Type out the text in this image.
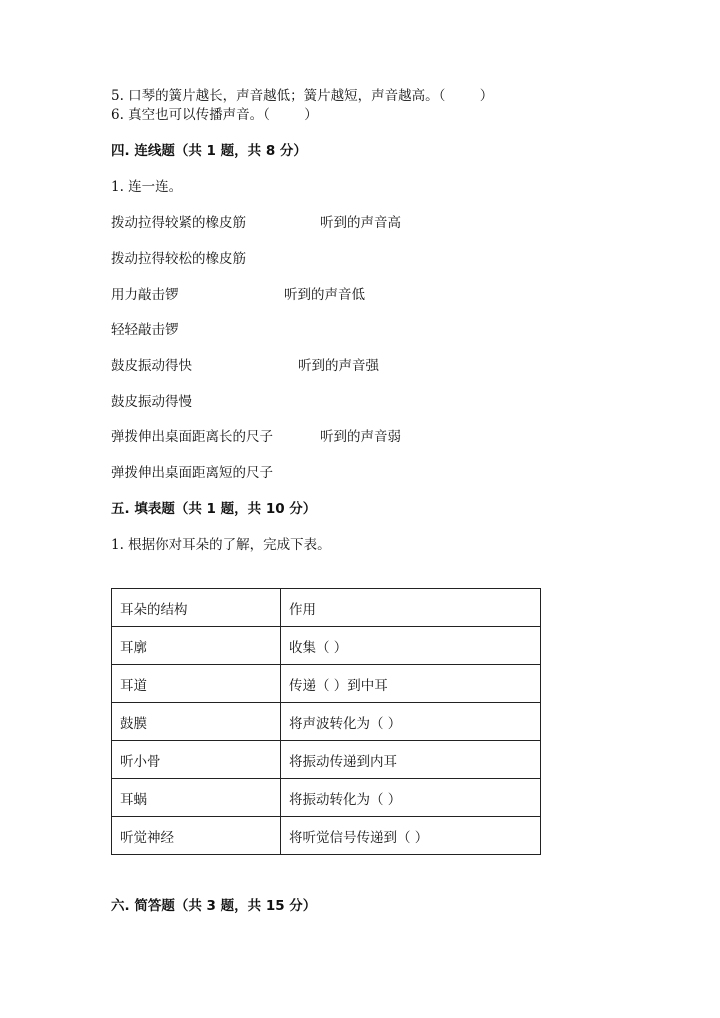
5. 口琴的簧片越长，声音越低；簧片越短，声音越高。（        ）
6. 真空也可以传播声音。（        ）
四. 连线题（共 1 题，共 8 分）
1. 连一连。
拨动拉得较紧的橡皮筋	听到的声音高
拨动拉得较松的橡皮筋
用力敲击锣	听到的声音低
轻轻敲击锣
鼓皮振动得快	听到的声音强
鼓皮振动得慢
弹拨伸出桌面距离长的尺子	听到的声音弱
弹拨伸出桌面距离短的尺子
五. 填表题（共 1 题，共 10 分）
1. 根据你对耳朵的了解，完成下表。
耳朵的结构	作用
耳廓	收集（ ）
耳道	传递（ ）到中耳
鼓膜	将声波转化为（ ）
听小骨	将振动传递到内耳
耳蜗	将振动转化为（ ）
听觉神经	将听觉信号传递到（ ）
六. 简答题（共 3 题，共 15 分）
